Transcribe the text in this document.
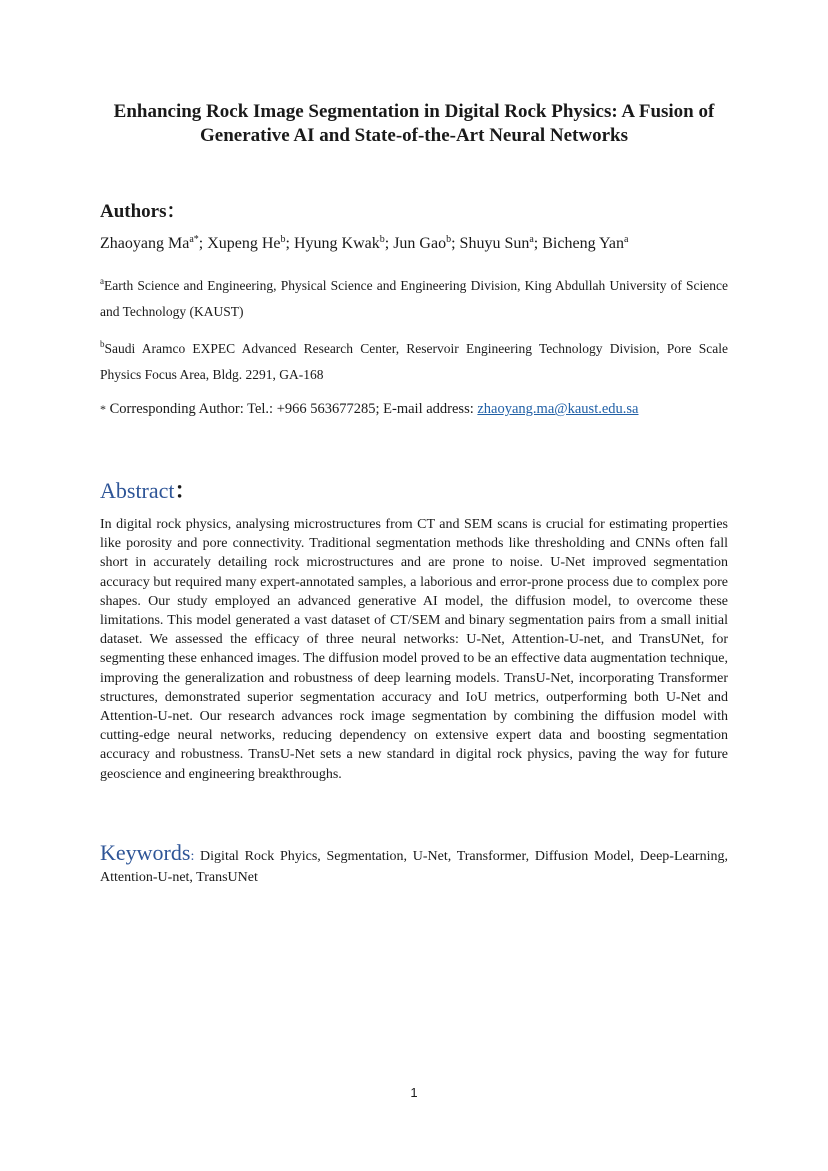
Enhancing Rock Image Segmentation in Digital Rock Physics: A Fusion of
Generative AI and State-of-the-Art Neural Networks
Authors：
Zhaoyang $Ma^{a*}$; Xupeng He$^b$; Hyung Kwak$^b$; Jun Gao$^b$; Shuyu Sun$^a$; Bicheng Yan$^a$
$^a$Earth Science and Engineering, Physical Science and Engineering Division, King Abdullah University of Science and Technology (KAUST)
$^b$Saudi Aramco EXPEC Advanced Research Center, Reservoir Engineering Technology Division, Pore Scale Physics Focus Area, Bldg. 2291, GA-168
* Corresponding Author: Tel.: +966 563677285; E-mail address: zhaoyang.ma@kaust.edu.sa
Abstract：
In digital rock physics, analysing microstructures from CT and SEM scans is crucial for estimating properties like porosity and pore connectivity. Traditional segmentation methods like thresholding and CNNs often fall short in accurately detailing rock microstructures and are prone to noise. U-Net improved segmentation accuracy but required many expert-annotated samples, a laborious and error-prone process due to complex pore shapes. Our study employed an advanced generative AI model, the diffusion model, to overcome these limitations. This model generated a vast dataset of CT/SEM and binary segmentation pairs from a small initial dataset. We assessed the efficacy of three neural networks: U-Net, Attention-U-net, and TransUNet, for segmenting these enhanced images. The diffusion model proved to be an effective data augmentation technique, improving the generalization and robustness of deep learning models. TransU-Net, incorporating Transformer structures, demonstrated superior segmentation accuracy and IoU metrics, outperforming both U-Net and Attention-U-net. Our research advances rock image segmentation by combining the diffusion model with cutting-edge neural networks, reducing dependency on extensive expert data and boosting segmentation accuracy and robustness. TransU-Net sets a new standard in digital rock physics, paving the way for future geoscience and engineering breakthroughs.
Keywords: Digital Rock Phyics, Segmentation, U-Net, Transformer, Diffusion Model, Deep-Learning, Attention-U-net, TransUNet
1
